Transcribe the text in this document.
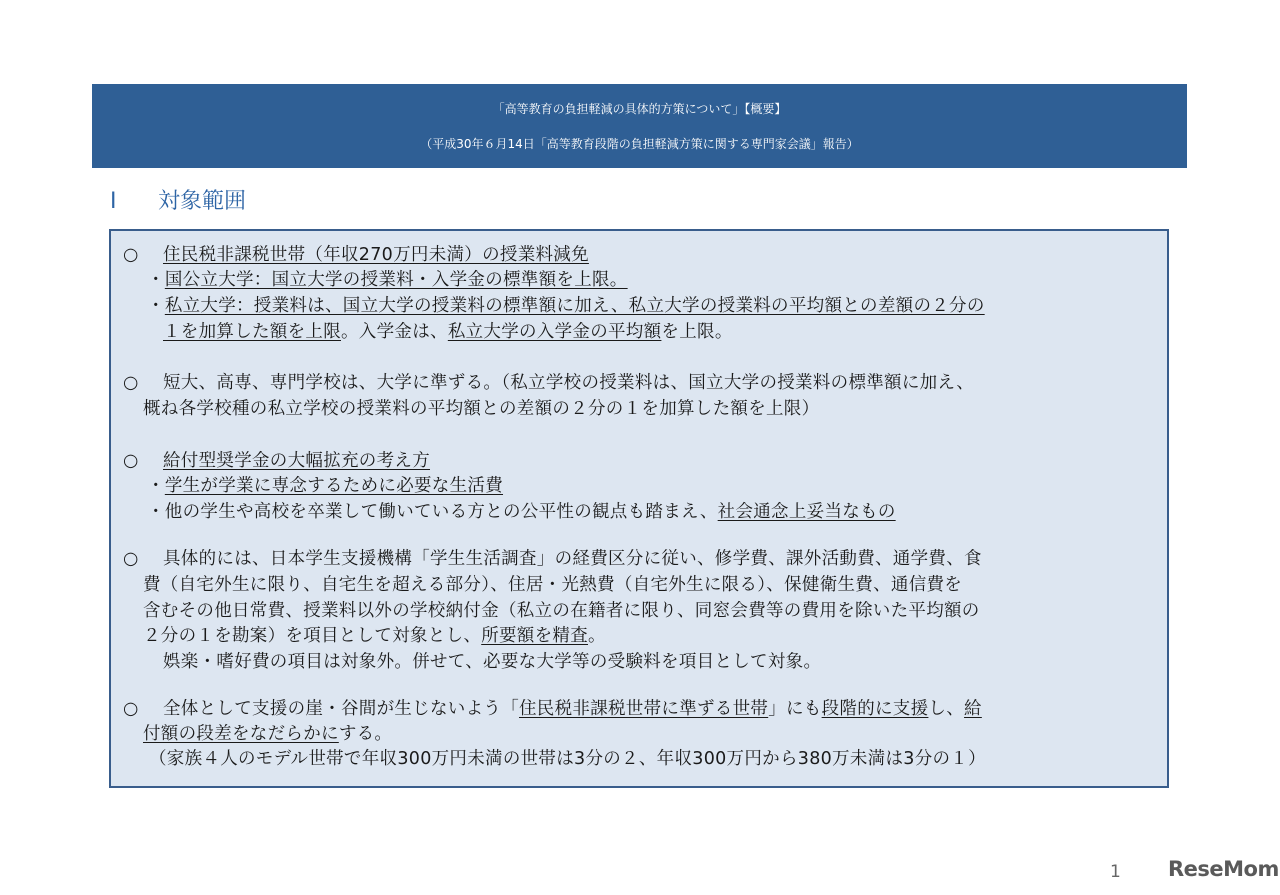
「高等教育の負担軽減の具体的方策について」【概要】
（平成30年６月14日「高等教育段階の負担軽減方策に関する専門家会議」報告）
Ⅰ 対象範囲
○ 住民税非課税世帯（年収270万円未満）の授業料減免
・国公立大学：国立大学の授業料・入学金の標準額を上限。
・私立大学：授業料は、国立大学の授業料の標準額に加え、私立大学の授業料の平均額との差額の２分の
１を加算した額を上限。入学金は、私立大学の入学金の平均額を上限。
○ 短大、高専、専門学校は、大学に準ずる。（私立学校の授業料は、国立大学の授業料の標準額に加え、
概ね各学校種の私立学校の授業料の平均額との差額の２分の１を加算した額を上限）
○ 給付型奨学金の大幅拡充の考え方
・学生が学業に専念するために必要な生活費
・他の学生や高校を卒業して働いている方との公平性の観点も踏まえ、社会通念上妥当なもの
○ 具体的には、日本学生支援機構「学生生活調査」の経費区分に従い、修学費、課外活動費、通学費、食
費（自宅外生に限り、自宅生を超える部分）、住居・光熱費（自宅外生に限る）、保健衛生費、通信費を
含むその他日常費、授業料以外の学校納付金（私立の在籍者に限り、同窓会費等の費用を除いた平均額の
２分の１を勘案）を項目として対象とし、所要額を精査。
娯楽・嗜好費の項目は対象外。併せて、必要な大学等の受験料を項目として対象。
○ 全体として支援の崖・谷間が生じないよう「住民税非課税世帯に準ずる世帯」にも段階的に支援し、給
付額の段差をなだらかにする。
（家族４人のモデル世帯で年収300万円未満の世帯は3分の２、年収300万円から380万未満は3分の１）
1 ReseMom
